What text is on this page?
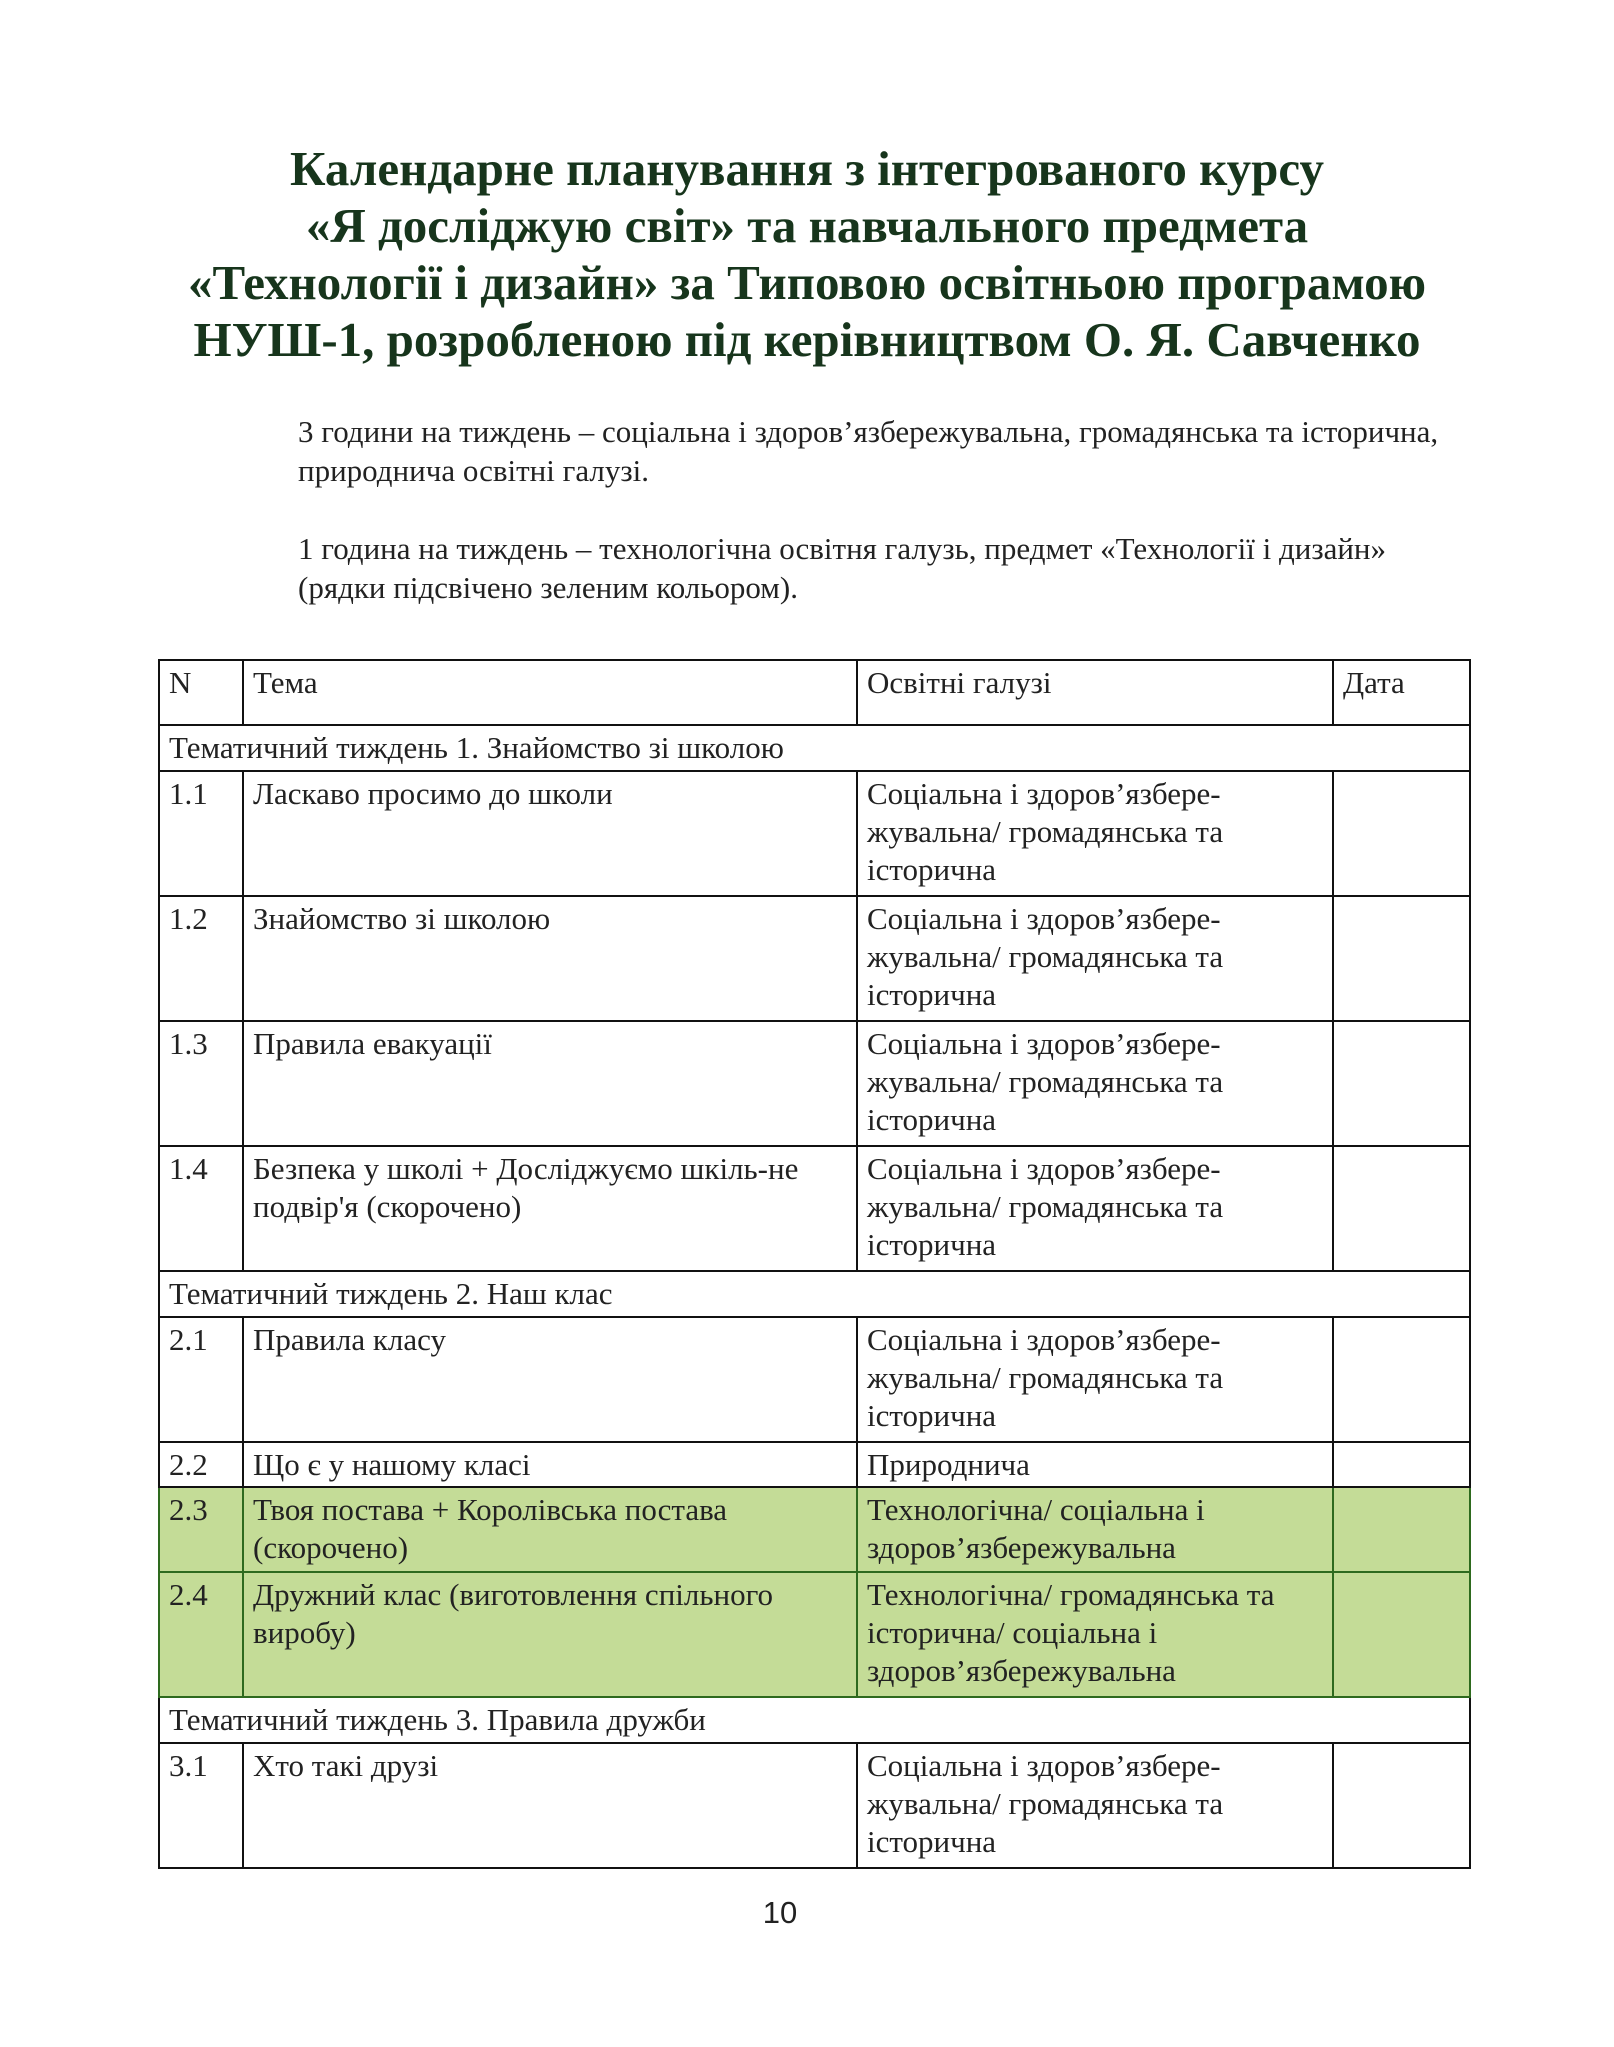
Календарне планування з інтегрованого курсу
«Я досліджую світ» та навчального предмета
«Технології і дизайн» за Типовою освітньою програмою
НУШ-1, розробленою під керівництвом О. Я. Савченко

3 години на тиждень – соціальна і здоров’язбережувальна, громадянська та історична, природнича освітні галузі.

1 година на тиждень – технологічна освітня галузь, предмет «Технології і дизайн» (рядки підсвічено зеленим кольором).

N	Тема	Освітні галузі	Дата
Тематичний тиждень 1. Знайомство зі школою			
1.1	Ласкаво просимо до школи	Соціальна і здоров’язбере-жувальна/ громадянська та історична	
1.2	Знайомство зі школою	Соціальна і здоров’язбере-жувальна/ громадянська та історична	
1.3	Правила евакуації	Соціальна і здоров’язбере-жувальна/ громадянська та історична	
1.4	Безпека у школі + Досліджуємо шкіль-не подвір'я (скорочено)	Соціальна і здоров’язбере-жувальна/ громадянська та історична	
Тематичний тиждень 2. Наш клас			
2.1	Правила класу	Соціальна і здоров’язбере-жувальна/ громадянська та історична	
2.2	Що є у нашому класі	Природнича	
2.3	Твоя постава + Королівська постава (скорочено)	Технологічна/ соціальна і здоров’язбережувальна	
2.4	Дружний клас (виготовлення спільного виробу)	Технологічна/ громадянська та історична/ соціальна і здоров’язбережувальна	
Тематичний тиждень 3. Правила дружби			
3.1	Хто такі друзі	Соціальна і здоров’язбере-жувальна/ громадянська та історична	
10
